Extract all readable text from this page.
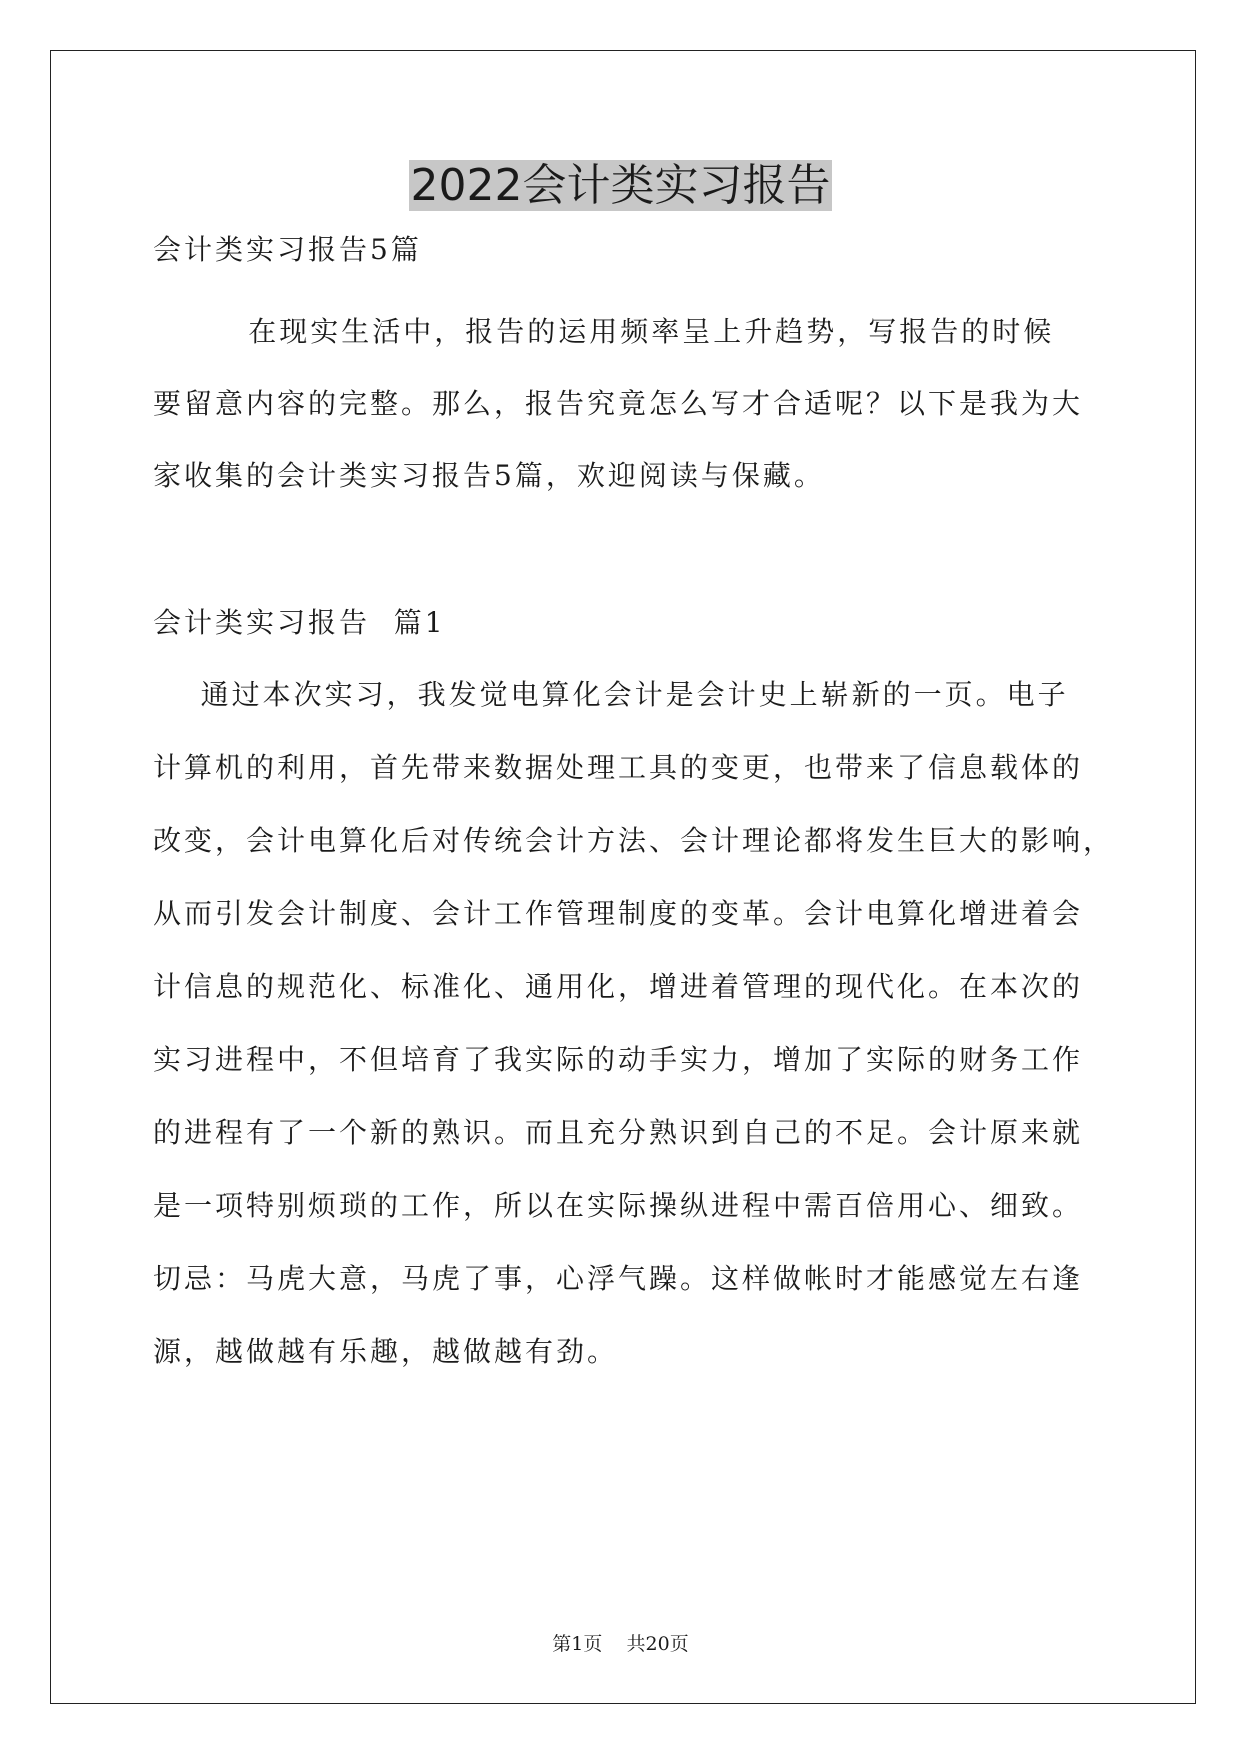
2022会计类实习报告
会计类实习报告5篇
在现实生活中，报告的运用频率呈上升趋势，写报告的时候
要留意内容的完整。那么，报告究竟怎么写才合适呢？以下是我为大
家收集的会计类实习报告5篇，欢迎阅读与保藏。
会计类实习报告  篇1
通过本次实习，我发觉电算化会计是会计史上崭新的一页。电子
计算机的利用，首先带来数据处理工具的变更，也带来了信息载体的
改变，会计电算化后对传统会计方法、会计理论都将发生巨大的影响，
从而引发会计制度、会计工作管理制度的变革。会计电算化增进着会
计信息的规范化、标准化、通用化，增进着管理的现代化。在本次的
实习进程中，不但培育了我实际的动手实力，增加了实际的财务工作
的进程有了一个新的熟识。而且充分熟识到自己的不足。会计原来就
是一项特别烦琐的工作，所以在实际操纵进程中需百倍用心、细致。
切忌：马虎大意，马虎了事，心浮气躁。这样做帐时才能感觉左右逢
源，越做越有乐趣，越做越有劲。
第1页    共20页
